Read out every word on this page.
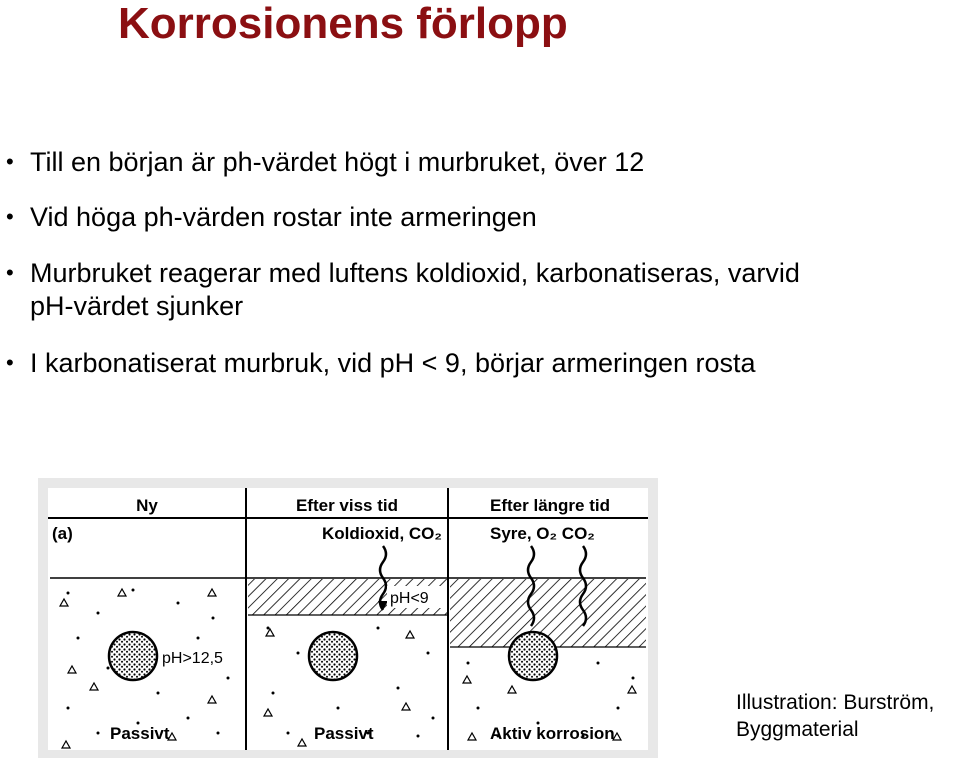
Korrosionens förlopp
• Till en början är ph-värdet högt i murbruket, över 12
• Vid höga ph-värden rostar inte armeringen
• Murbruket reagerar med luftens koldioxid, karbonatiseras, varvid
pH-värdet sjunker
• I karbonatiserat murbruk, vid pH < 9, börjar armeringen rosta
Ny	Efter viss tid	Efter längre tid
(a)	Koldioxid, CO₂	Syre, O₂ CO₂
pH>12,5
pH<9
Passivt	Passivt	Aktiv korrosion
Illustration: Burström,
Byggmaterial
